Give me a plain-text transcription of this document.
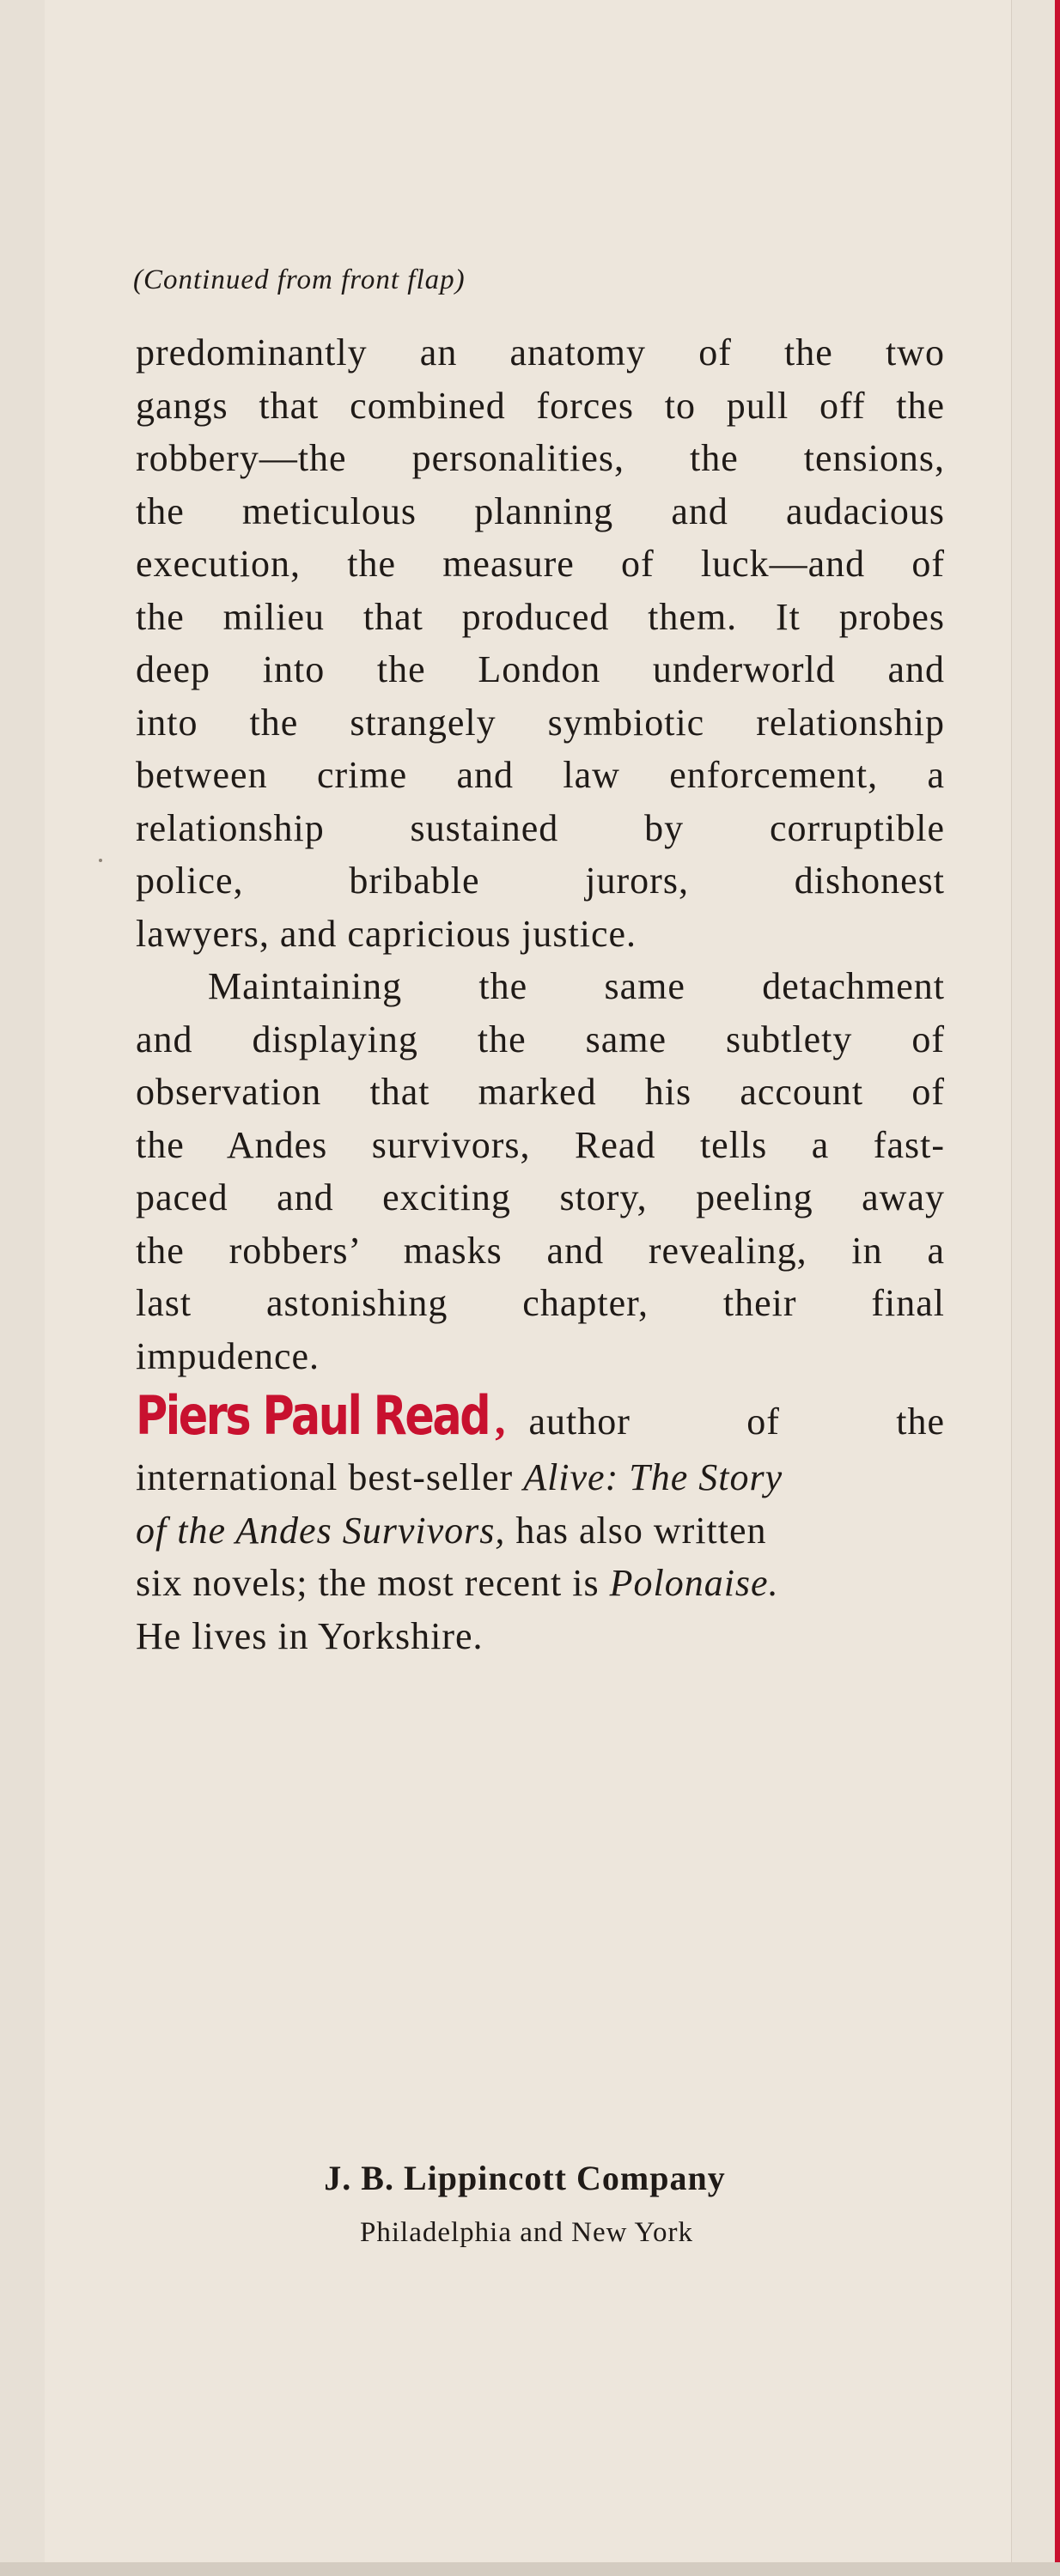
(Continued from front flap)
predominantly an anatomy of the two
gangs that combined forces to pull off the
robbery—the personalities, the tensions,
the meticulous planning and audacious
execution, the measure of luck—and of
the milieu that produced them. It probes
deep into the London underworld and
into the strangely symbiotic relationship
between crime and law enforcement, a
relationship sustained by corruptible
police, bribable jurors, dishonest
lawyers, and capricious justice.
Maintaining the same detachment
and displaying the same subtlety of
observation that marked his account of
the Andes survivors, Read tells a fast-
paced and exciting story, peeling away
the robbers’ masks and revealing, in a
last astonishing chapter, their final
impudence.
Piers Paul Read , author	of	the
international best-seller Alive: The Story
of the Andes Survivors, has also written
six novels; the most recent is Polonaise.
He lives in Yorkshire.
J. B. Lippincott Company
Philadelphia and New York
